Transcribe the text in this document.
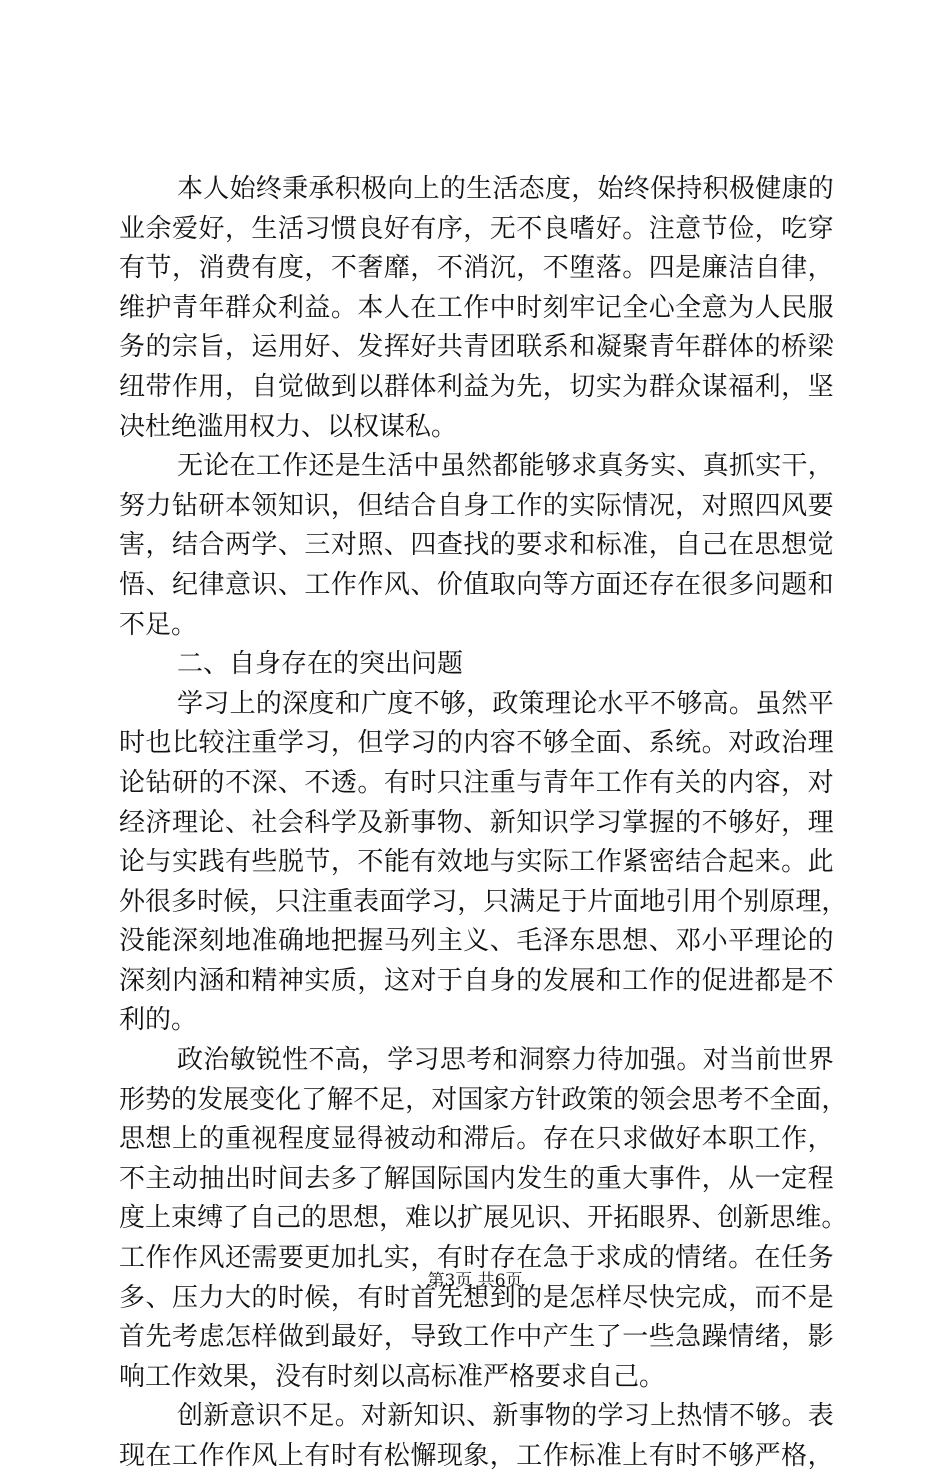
本 人 始 终 秉 承 积 极 向 上 的 生 活 态 度 ， 始 终 保 持 积 极 健 康 的
业 余 爱 好 ， 生 活 习 惯 良 好 有 序 ， 无 不 良 嗜 好 。 注 意 节 俭 ， 吃 穿
有 节 ， 消 费 有 度 ， 不 奢 靡 ， 不 消 沉 ， 不 堕 落 。 四 是 廉 洁 自 律 ，
维 护 青 年 群 众 利 益 。 本 人 在 工 作 中 时 刻 牢 记 全 心 全 意 为 人 民 服
务 的 宗 旨 ， 运 用 好 、 发 挥 好 共 青 团 联 系 和 凝 聚 青 年 群 体 的 桥 梁
纽 带 作 用 ， 自 觉 做 到 以 群 体 利 益 为 先 ， 切 实 为 群 众 谋 福 利 ， 坚
决杜绝滥用权力、以权谋私。
无 论 在 工 作 还 是 生 活 中 虽 然 都 能 够 求 真 务 实 、 真 抓 实 干 ，
努 力 钻 研 本 领 知 识 ， 但 结 合 自 身 工 作 的 实 际 情 况 ， 对 照 四 风 要
害 ， 结 合 两 学 、 三 对 照 、 四 查 找 的 要 求 和 标 准 ， 自 己 在 思 想 觉
悟 、 纪 律 意 识 、 工 作 作 风 、 价 值 取 向 等 方 面 还 存 在 很 多 问 题 和
不足。
二、自身存在的突出问题
学 习 上 的 深 度 和 广 度 不 够 ， 政 策 理 论 水 平 不 够 高 。 虽 然 平
时 也 比 较 注 重 学 习 ， 但 学 习 的 内 容 不 够 全 面 、 系 统 。 对 政 治 理
论 钻 研 的 不 深 、 不 透 。 有 时 只 注 重 与 青 年 工 作 有 关 的 内 容 ， 对
经 济 理 论 、 社 会 科 学 及 新 事 物 、 新 知 识 学 习 掌 握 的 不 够 好 ， 理
论 与 实 践 有 些 脱 节 ， 不 能 有 效 地 与 实 际 工 作 紧 密 结 合 起 来 。 此
外 很 多 时 候 ， 只 注 重 表 面 学 习 ， 只 满 足 于 片 面 地 引 用 个 别 原 理 ，
没 能 深 刻 地 准 确 地 把 握 马 列 主 义 、 毛 泽 东 思 想 、 邓 小 平 理 论 的
深 刻 内 涵 和 精 神 实 质 ， 这 对 于 自 身 的 发 展 和 工 作 的 促 进 都 是 不
利的。
政 治 敏 锐 性 不 高 ， 学 习 思 考 和 洞 察 力 待 加 强 。 对 当 前 世 界
形 势 的 发 展 变 化 了 解 不 足 ， 对 国 家 方 针 政 策 的 领 会 思 考 不 全 面 ，
思 想 上 的 重 视 程 度 显 得 被 动 和 滞 后 。 存 在 只 求 做 好 本 职 工 作 ，
不 主 动 抽 出 时 间 去 多 了 解 国 际 国 内 发 生 的 重 大 事 件 ， 从 一 定 程
度 上 束 缚 了 自 己 的 思 想 ， 难 以 扩 展 见 识 、 开 拓 眼 界 、 创 新 思 维 。
工 作 作 风 还 需 要 更 加 扎 实 ， 有 时 存 在 急 于 求 成 的 情 绪 。 在 任 务
多 、 压 力 大 的 时 候 ， 有 时 首 先 想 到 的 是 怎 样 尽 快 完 成 ， 而 不 是
首 先 考 虑 怎 样 做 到 最 好 ， 导 致 工 作 中 产 生 了 一 些 急 躁 情 绪 ， 影
响工作效果，没有时刻以高标准严格要求自己。
创 新 意 识 不 足 。 对 新 知 识 、 新 事 物 的 学 习 上 热 情 不 够 。 表
现 在 工 作 作 风 上 有 时 有 松 懈 现 象 ， 工 作 标 准 上 有 时 不 够 严 格 ，
第3页 共6页
